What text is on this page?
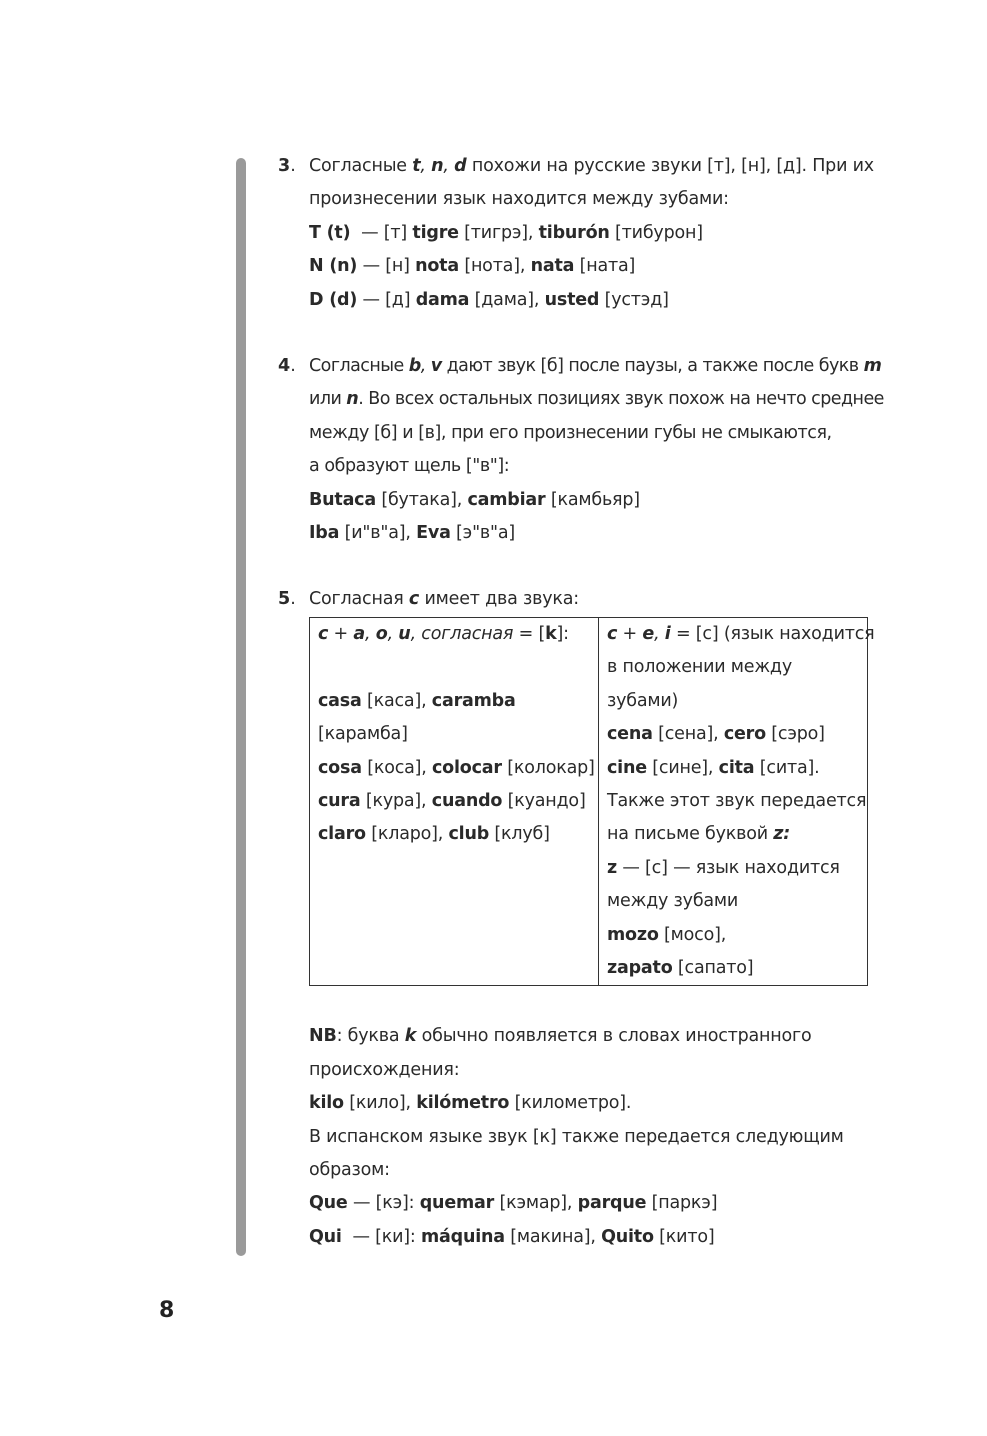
3. Согласные t, n, d похожи на русские звуки [т], [н], [д]. При их
произнесении язык находится между зубами:
T (t)  — [т] tigre [тигрэ], tiburón [тибурон]
N (n) — [н] nota [нота], nata [ната]
D (d) — [д] dama [дама], usted [устэд]
4. Согласные b, v дают звук [б] после паузы, а также после букв m
или n. Во всех остальных позициях звук похож на нечто среднее
между [б] и [в], при его произнесении губы не смыкаются,
а образуют щель ["в"]:
Butaca [бутака], cambiar [камбьяр]
Iba [и"в"а], Eva [э"в"а]
5. Согласная c имеет два звука:
c + a, o, u, согласная = [k]:

casa [каса], caramba
[карамба]
cosa [коса], colocar [колокар]
cura [кура], cuando [куандо]
claro [кларо], club [клуб]

c + e, i = [с] (язык находится
в положении между
зубами)
cena [сена], cero [сэро]
cine [сине], cita [сита].
Также этот звук передается
на письме буквой z:
z — [с] — язык находится
между зубами
mozo [мосо],
zapato [сапато]
NB: буква k обычно появляется в словах иностранного
происхождения:
kilo [кило], kilómetro [километро].
В испанском языке звук [к] также передается следующим
образом:
Que — [кэ]: quemar [кэмар], parque [паркэ]
Qui  — [ки]: máquina [макина], Quito [кито]
8
